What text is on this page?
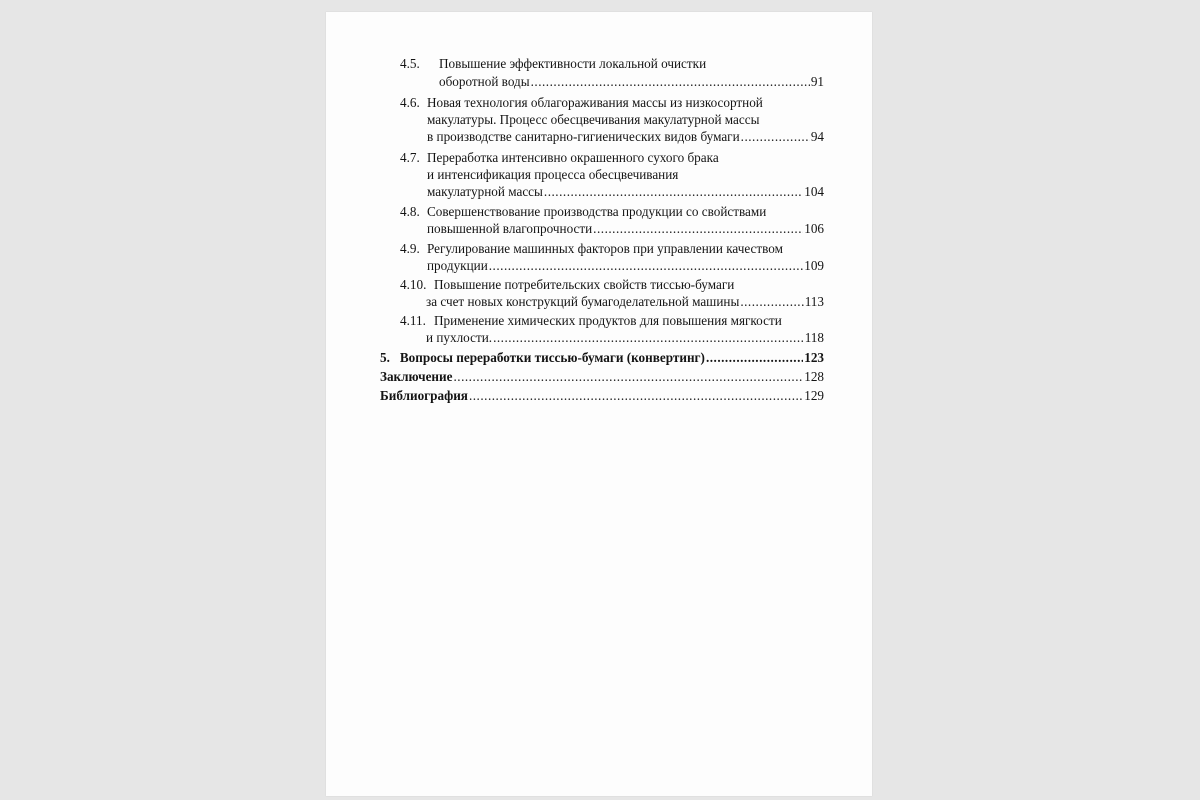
4.5. Повышение эффективности локальной очистки
оборотной воды .....	91
4.6. Новая технология облагораживания массы из низкосортной
макулатуры. Процесс обесцвечивания макулатурной массы
в производстве санитарно-гигиенических видов бумаги .....	94
4.7. Переработка интенсивно окрашенного сухого брака
и интенсификация процесса обесцвечивания
макулатурной массы .....	104
4.8. Совершенствование производства продукции со свойствами
повышенной влагопрочности .....	106
4.9. Регулирование машинных факторов при управлении качеством
продукции .....	109
4.10. Повышение потребительских свойств тиссью-бумаги
за счет новых конструкций бумагоделательной машины .....	113
4.11. Применение химических продуктов для повышения мягкости
и пухлости. .....	118
5. Вопросы переработки тиссью-бумаги (конвертинг) .....	123
Заключение .....	128
Библиография .....	129
